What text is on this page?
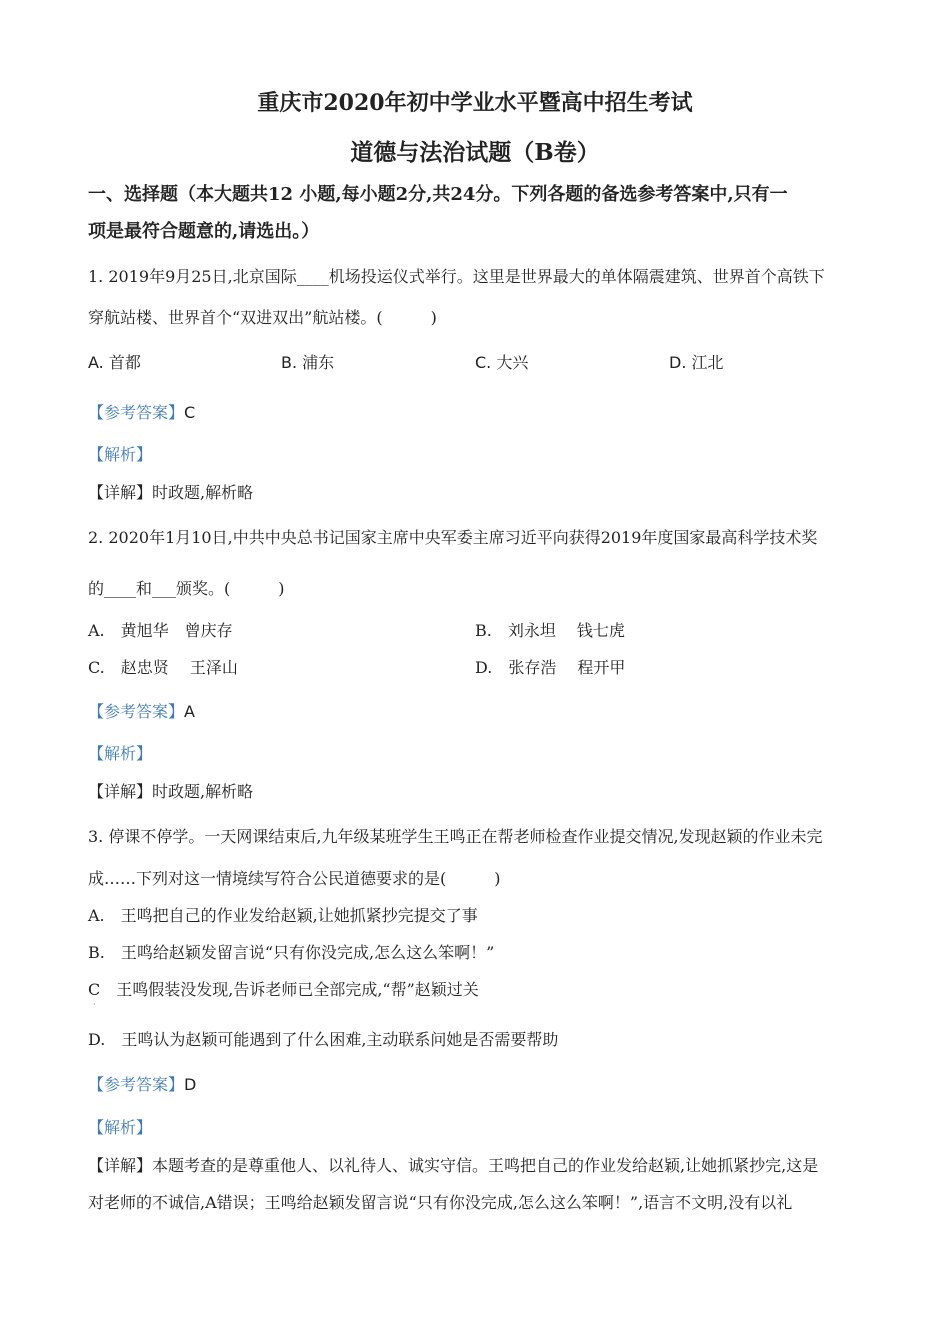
重庆市2020年初中学业水平暨高中招生考试
道德与法治试题（B卷）
一、选择题（本大题共12 小题,每小题2分,共24分。下列各题的备选参考答案中,只有一
项是最符合题意的,请选出。）
1. 2019年9月25日,北京国际____机场投运仪式举行。这里是世界最大的单体隔震建筑、世界首个高铁下
穿航站楼、世界首个“双进双出”航站楼。(　　　)
A. 首都	B. 浦东	C. 大兴	D. 江北
【参考答案】C
【解析】
【详解】时政题,解析略
2. 2020年1月10日,中共中央总书记国家主席中央军委主席习近平向获得2019年度国家最高科学技术奖
的____和___颁奖。(　　　)
A.　黄旭华　曾庆存	B.　刘永坦　 钱七虎
C.　赵忠贤　 王泽山	D.　张存浩　 程开甲
【参考答案】A
【解析】
【详解】时政题,解析略
3. 停课不停学。一天网课结束后,九年级某班学生王鸣正在帮老师检查作业提交情况,发现赵颖的作业未完
成……下列对这一情境续写符合公民道德要求的是(　　　)
A.　王鸣把自己的作业发给赵颖,让她抓紧抄完提交了事
B.　王鸣给赵颖发留言说“只有你没完成,怎么这么笨啊！”
C　王鸣假装没发现,告诉老师已全部完成,“帮”赵颖过关
·
D.　王鸣认为赵颖可能遇到了什么困难,主动联系问她是否需要帮助
【参考答案】D
【解析】
【详解】本题考查的是尊重他人、以礼待人、诚实守信。王鸣把自己的作业发给赵颖,让她抓紧抄完,这是
对老师的不诚信,A错误；王鸣给赵颖发留言说“只有你没完成,怎么这么笨啊！”,语言不文明,没有以礼
